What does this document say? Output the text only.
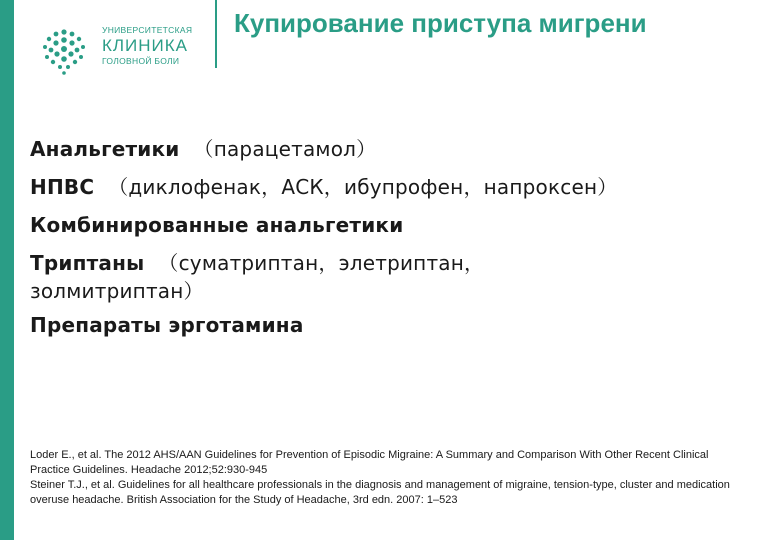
УНИВЕРСИТЕТСКАЯ
КЛИНИКА
ГОЛОВНОЙ БОЛИ
Купирование приступа мигрени
Анальгетики （парацетамол）
НПВС （диклофенак，АСК，ибупрофен，напроксен）
Комбинированные анальгетики
Триптаны （суматриптан，элетриптан，
золмитриптан）
Препараты эрготамина
Loder E., et al. The 2012 AHS/AAN Guidelines for Prevention of Episodic Migraine: A Summary and Comparison With Other Recent Clinical Practice Guidelines. Headache 2012;52:930-945
Steiner T.J., et al. Guidelines for all healthcare professionals in the diagnosis and management of migraine, tension-type, cluster and medication overuse headache. British Association for the Study of Headache, 3rd edn. 2007: 1–523
